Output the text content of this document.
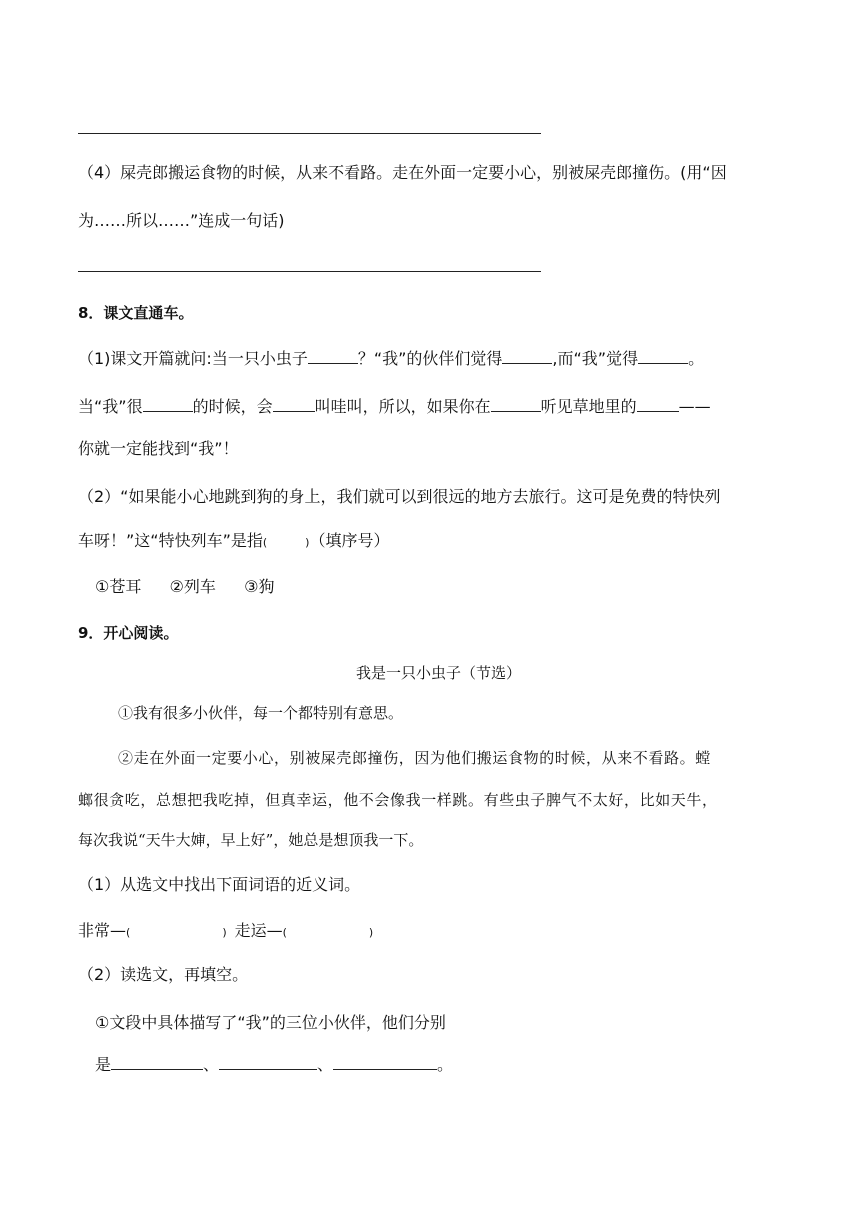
（4）屎壳郎搬运食物的时候，从来不看路。走在外面一定要小心，别被屎壳郎撞伤。(用“因
为……所以……”连成一句话)
8．课文直通车。
（1)课文开篇就问:当一只小虫子	？“我”的伙伴们觉得	,而“我”觉得	。
当“我”很	的时候，会	叫哇叫，所以，如果你在	听见草地里的	——
你就一定能找到“我”！
（2）“如果能小心地跳到狗的身上，我们就可以到很远的地方去旅行。这可是免费的特快列
车呀！”这“特快列车”是指(	)（填序号）
①苍耳 ②列车 ③狗
9．开心阅读。
我是一只小虫子（节选）
①我有很多小伙伴，每一个都特别有意思。
②走在外面一定要小心，别被屎壳郎撞伤，因为他们搬运食物的时候，从来不看路。螳
螂很贪吃，总想把我吃掉，但真幸运，他不会像我一样跳。有些虫子脾气不太好，比如天牛，
每次我说“天牛大婶，早上好”，她总是想顶我一下。
（1）从选文中找出下面词语的近义词。
非常—(	) 走运—(	)
（2）读选文，再填空。
①文段中具体描写了“我”的三位小伙伴，他们分别
是	、	、	。
